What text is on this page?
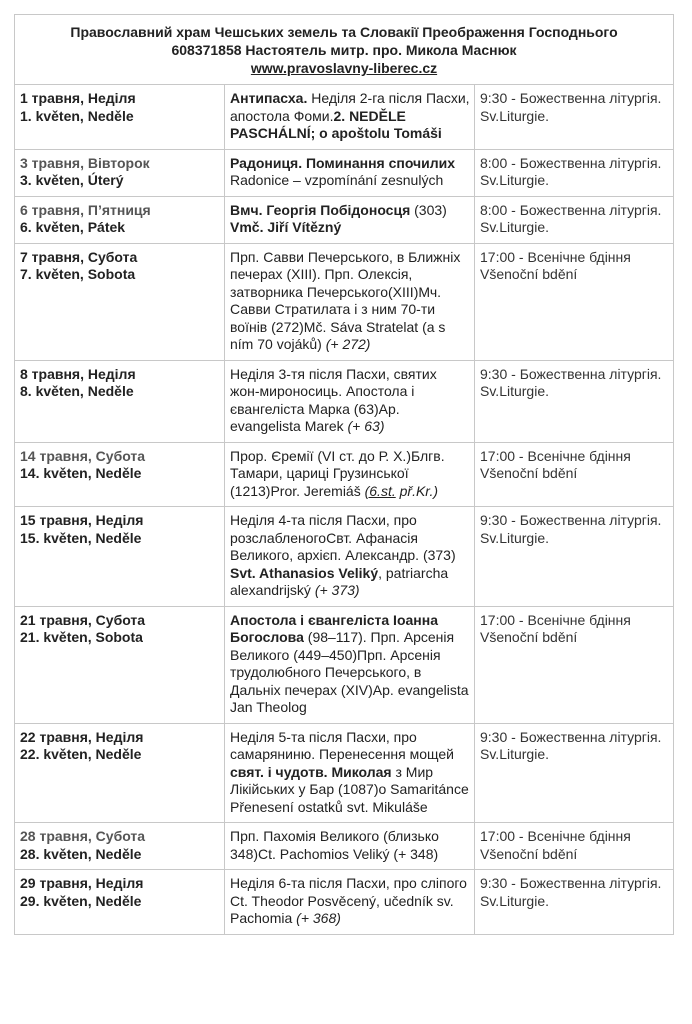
Православний храм Чешських земель та Словакії Преображення Господнього
608371858 Настоятель митр. про. Микола Маснюк
www.pravoslavny-liberec.cz		

1 травня, Неділя
1. květen, Neděle	Антипасха. Неділя 2-га після Пасхи, апостола Фоми.2. NEDĚLE PASCHÁLNÍ; o apoštolu Tomáši	9:30 - Божественна літургія. Sv.Liturgie.

3 травня, Вівторок
3. květen, Úterý	Радониця. Поминання спочилих Radonice – vzpomínání zesnulých	8:00 - Божественна літургія. Sv.Liturgie.

6 травня, П’ятниця
6. květen, Pátek	Вмч. Георгія Побідоносця (303) Vmč. Jiří Vítězný	8:00 - Божественна літургія. Sv.Liturgie.

7 травня, Субота
7. květen, Sobota	Прп. Савви Печерського, в Ближніх печерах (XIII). Прп. Олексія, затворника Печерського(XIII)Мч. Савви Стратилата і з ним 70-ти воїнів (272)Mč. Sáva Stratelat (a s ním 70 vojáků) (+ 272)	17:00 - Всенічне бдіння Všenoční bdění

8 травня, Неділя
8. květen, Neděle	Неділя 3-тя після Пасхи, святих жон-мироносиць. Апостола і євангеліста Марка (63)Ap. evangelista Marek (+ 63)	9:30 - Божественна літургія. Sv.Liturgie.

14 травня, Субота
14. květen, Neděle	Прор. Єремії (VI ст. до Р. Х.)Блгв. Тамари, цариці Грузинської (1213)Pror. Jeremiáš (6.st. př.Kr.)	17:00 - Всенічне бдіння Všenoční bdění

15 травня, Неділя
15. květen, Neděle	Неділя 4-та після Пасхи, про розслабленогоСвт. Афанасія Великого, архієп. Александр. (373) Svt. Athanasios Veliký, patriarcha alexandrijský (+ 373)	9:30 - Божественна літургія. Sv.Liturgie.

21 травня, Субота
21. květen, Sobota	Апостола і євангеліста Іоанна Богослова (98–117). Прп. Арсенія Великого (449–450)Прп. Арсенія трудолюбного Печерського, в Дальніх печерах (XIV)Ap. evangelista Jan Theolog	17:00 - Всенічне бдіння Všenoční bdění

22 травня, Неділя
22. květen, Neděle	Неділя 5-та після Пасхи, про самаряниню. Перенесення мощей свят. і чудотв. Миколая з Мир Лікійських у Бар (1087)o Samaritánce Přenesení ostatků svt. Mikuláše	9:30 - Божественна літургія. Sv.Liturgie.

28 травня, Субота
28. květen, Neděle	Прп. Пахомія Великого (близько 348)Ct. Pachomios Veliký (+ 348)	17:00 - Всенічне бдіння Všenoční bdění

29 травня, Неділя
29. květen, Neděle	Неділя 6-та після Пасхи, про сліпого Ct. Theodor Posvěcený, učedník sv. Pachomia (+ 368)	9:30 - Божественна літургія. Sv.Liturgie.
